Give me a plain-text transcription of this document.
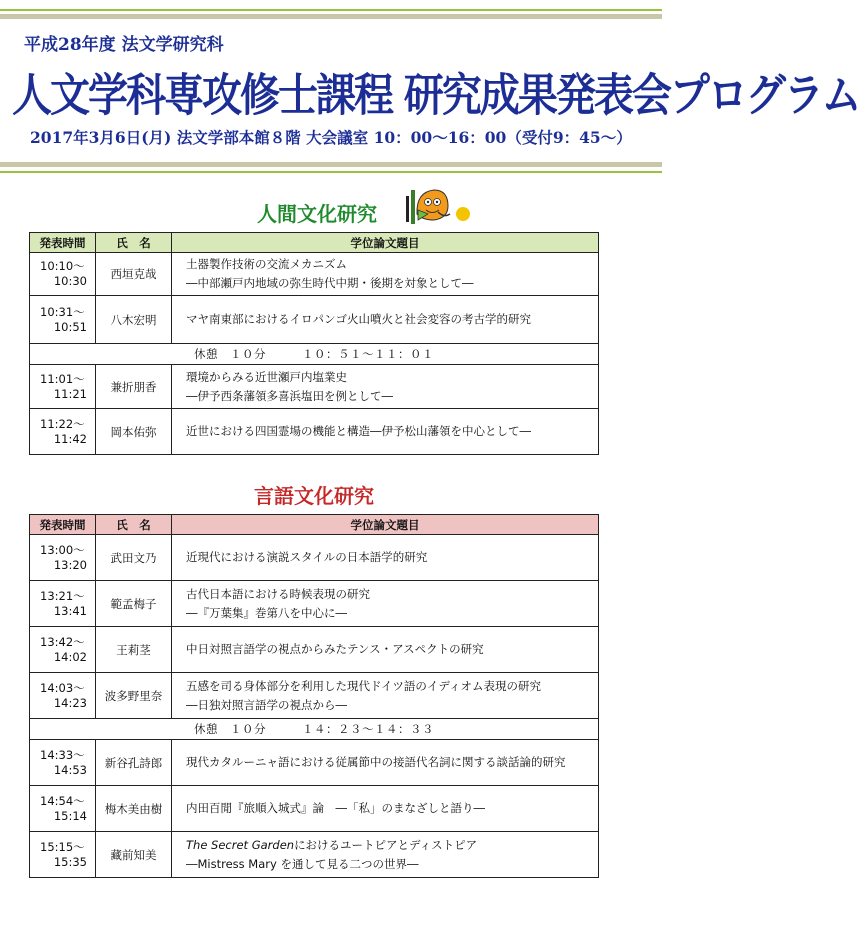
平成28年度 法文学研究科
人文学科専攻修士課程 研究成果発表会プログラム
2017年3月6日(月) 法文学部本館８階 大会議室 10：00～16：00（受付9：45～）
人間文化研究
発表時間	氏　名	学位論文題目

10:10～
10:30	西垣克哉	土器製作技術の交流メカニズム
―中部瀬戸内地域の弥生時代中期・後期を対象として―

10:31～
10:51	八木宏明	マヤ南東部におけるイロパンゴ火山噴火と社会変容の考古学的研究

休憩　１０分　　　１０：５１～１１：０１		

11:01～
11:21	兼折朋香	環境からみる近世瀬戸内塩業史
―伊予西条藩領多喜浜塩田を例として―

11:22～
11:42	岡本佑弥	近世における四国霊場の機能と構造―伊予松山藩領を中心として―
言語文化研究
発表時間	氏　名	学位論文題目

13:00～
13:20	武田文乃	近現代における演説スタイルの日本語学的研究

13:21～
13:41	範孟梅子	古代日本語における時候表現の研究
―『万葉集』巻第八を中心に―

13:42～
14:02	王莉茎	中日対照言語学の視点からみたテンス・アスペクトの研究

14:03～
14:23	波多野里奈	五感を司る身体部分を利用した現代ドイツ語のイディオム表現の研究
―日独対照言語学の視点から―

休憩　１０分　　　１４：２３～１４：３３		

14:33～
14:53	新谷孔詩郎	現代カタルーニャ語における従属節中の接語代名詞に関する談話論的研究

14:54～
15:14	梅木美由樹	内田百閒『旅順入城式』論　―「私」のまなざしと語り―

15:15～
15:35	藏前知美	The Secret Gardenにおけるユートピアとディストピア
―Mistress Mary を通して見る二つの世界―
